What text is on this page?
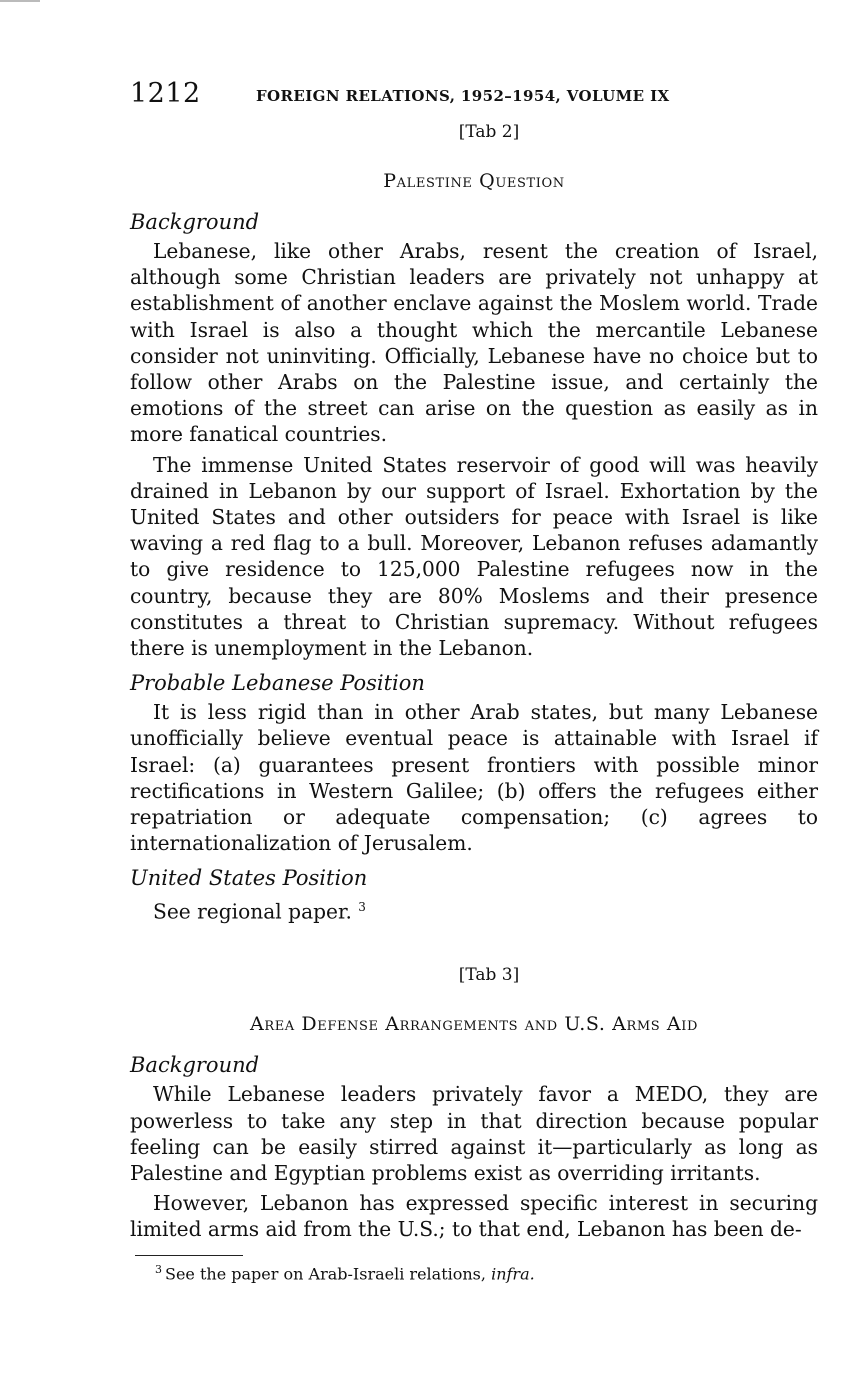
1212	FOREIGN RELATIONS, 1952–1954, VOLUME IX
[Tab 2]
Palestine Question
Background

Lebanese, like other Arabs, resent the creation of Israel, although some Christian leaders are privately not unhappy at establishment of another enclave against the Moslem world. Trade with Israel is also a thought which the mercantile Lebanese consider not uninviting. Officially, Lebanese have no choice but to follow other Arabs on the Palestine issue, and certainly the emotions of the street can arise on the question as easily as in more fanatical countries.

The immense United States reservoir of good will was heavily drained in Lebanon by our support of Israel. Exhortation by the United States and other outsiders for peace with Israel is like waving a red flag to a bull. Moreover, Lebanon refuses adamantly to give residence to 125,000 Palestine refugees now in the country, because they are 80% Moslems and their presence constitutes a threat to Christian supremacy. Without refugees there is unemployment in the Lebanon.

Probable Lebanese Position

It is less rigid than in other Arab states, but many Lebanese unofficially believe eventual peace is attainable with Israel if Israel: (a) guarantees present frontiers with possible minor rectifications in Western Galilee; (b) offers the refugees either repatriation or adequate compensation; (c) agrees to internationalization of Jerusalem.

United States Position

See regional paper. $^3$

[Tab 3]
Area Defense Arrangements and U.S. Arms Aid
Background

While Lebanese leaders privately favor a MEDO, they are powerless to take any step in that direction because popular feeling can be easily stirred against it—particularly as long as Palestine and Egyptian problems exist as overriding irritants.

However, Lebanon has expressed specific interest in securing limited arms aid from the U.S.; to that end, Lebanon has been de-

$^3$ See the paper on Arab-Israeli relations, infra.
